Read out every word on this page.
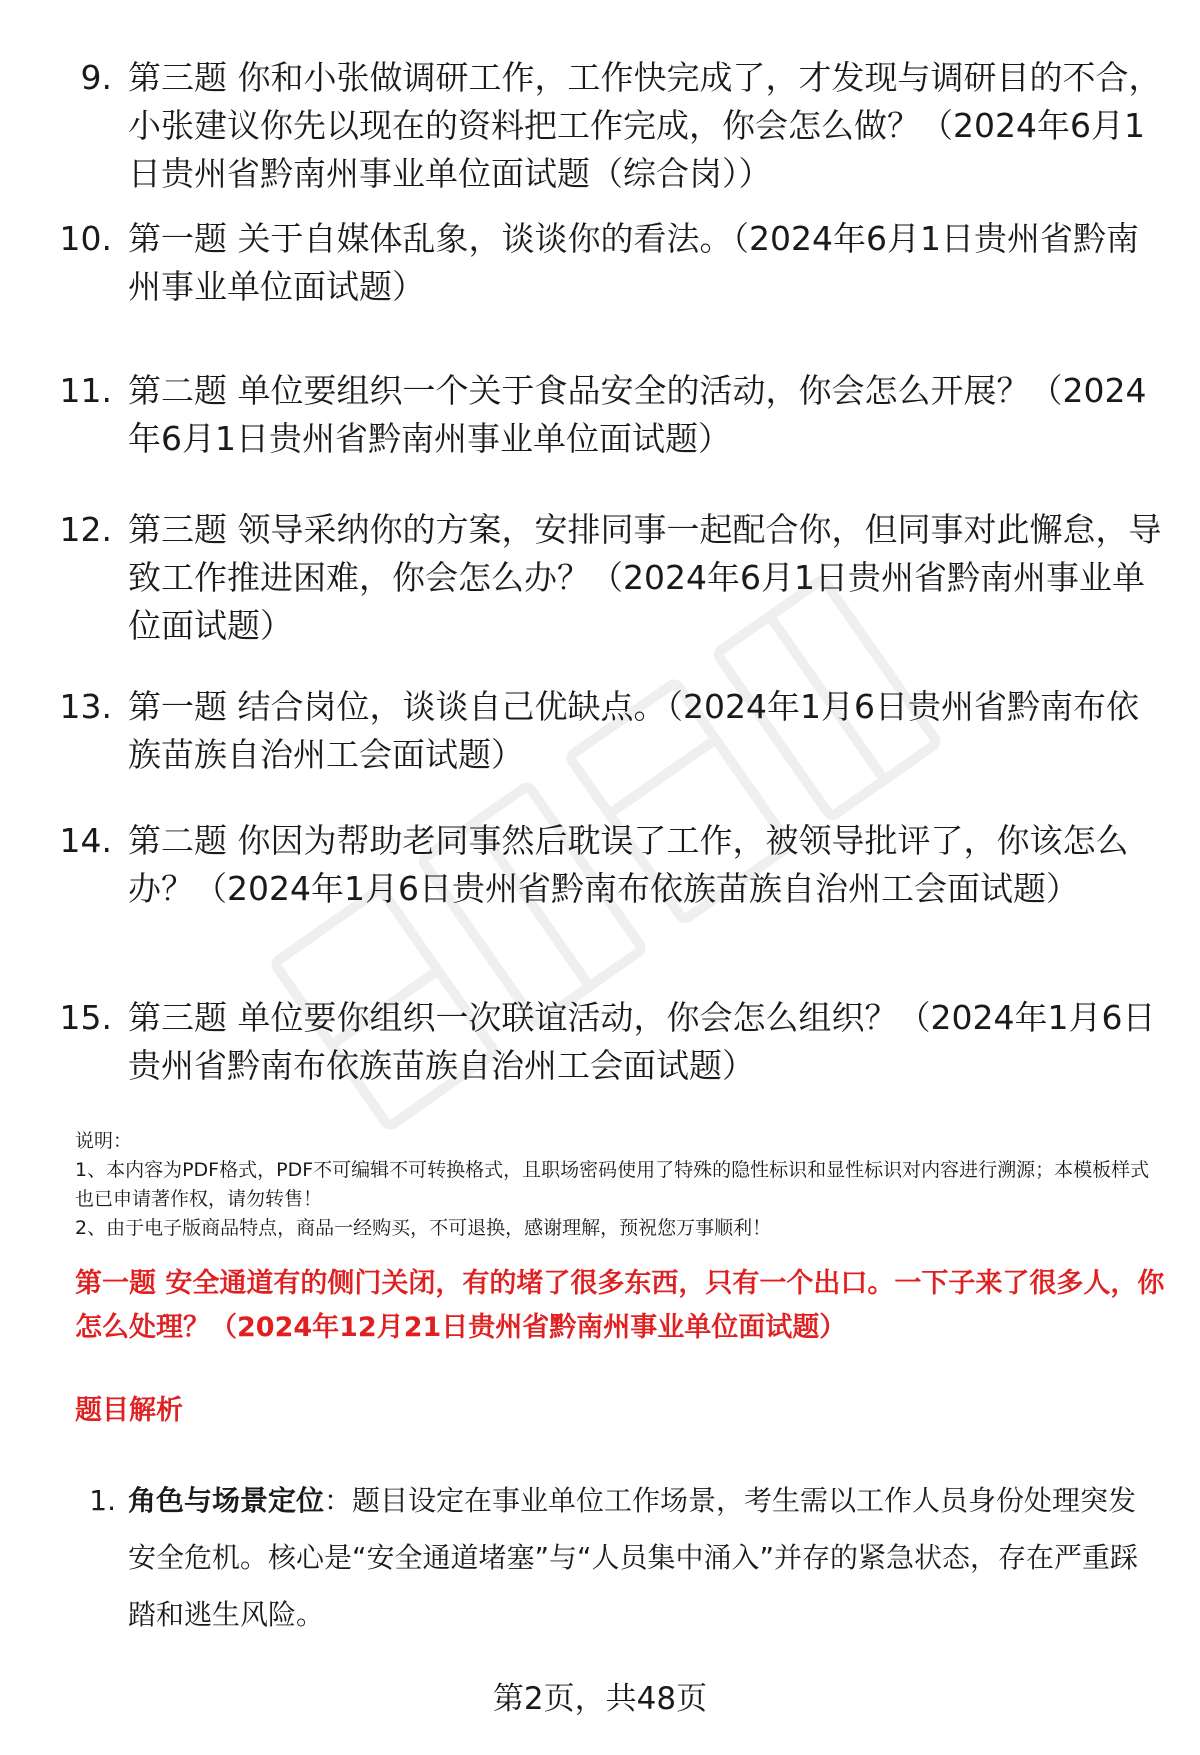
9. 第三题 你和小张做调研工作，工作快完成了，才发现与调研目的不合，小张建议你先以现在的资料把工作完成，你会怎么做？（2024年6月1日贵州省黔南州事业单位面试题（综合岗））
10. 第一题 关于自媒体乱象，谈谈你的看法。（2024年6月1日贵州省黔南州事业单位面试题）
11. 第二题 单位要组织一个关于食品安全的活动，你会怎么开展？（2024年6月1日贵州省黔南州事业单位面试题）
12. 第三题 领导采纳你的方案，安排同事一起配合你，但同事对此懈怠，导致工作推进困难，你会怎么办？（2024年6月1日贵州省黔南州事业单位面试题）
13. 第一题 结合岗位，谈谈自己优缺点。（2024年1月6日贵州省黔南布依族苗族自治州工会面试题）
14. 第二题 你因为帮助老同事然后耽误了工作，被领导批评了，你该怎么办？（2024年1月6日贵州省黔南布依族苗族自治州工会面试题）
15. 第三题 单位要你组织一次联谊活动，你会怎么组织？（2024年1月6日贵州省黔南布依族苗族自治州工会面试题）
说明：
1、本内容为PDF格式，PDF不可编辑不可转换格式，且职场密码使用了特殊的隐性标识和显性标识对内容进行溯源；本模板样式也已申请著作权，请勿转售！
2、由于电子版商品特点，商品一经购买，不可退换，感谢理解，预祝您万事顺利！
第一题 安全通道有的侧门关闭，有的堵了很多东西，只有一个出口。一下子来了很多人，你怎么处理？（2024年12月21日贵州省黔南州事业单位面试题）
题目解析
1. 角色与场景定位：题目设定在事业单位工作场景，考生需以工作人员身份处理突发安全危机。核心是“安全通道堵塞”与“人员集中涌入”并存的紧急状态，存在严重踩踏和逃生风险。
第2页，共48页
